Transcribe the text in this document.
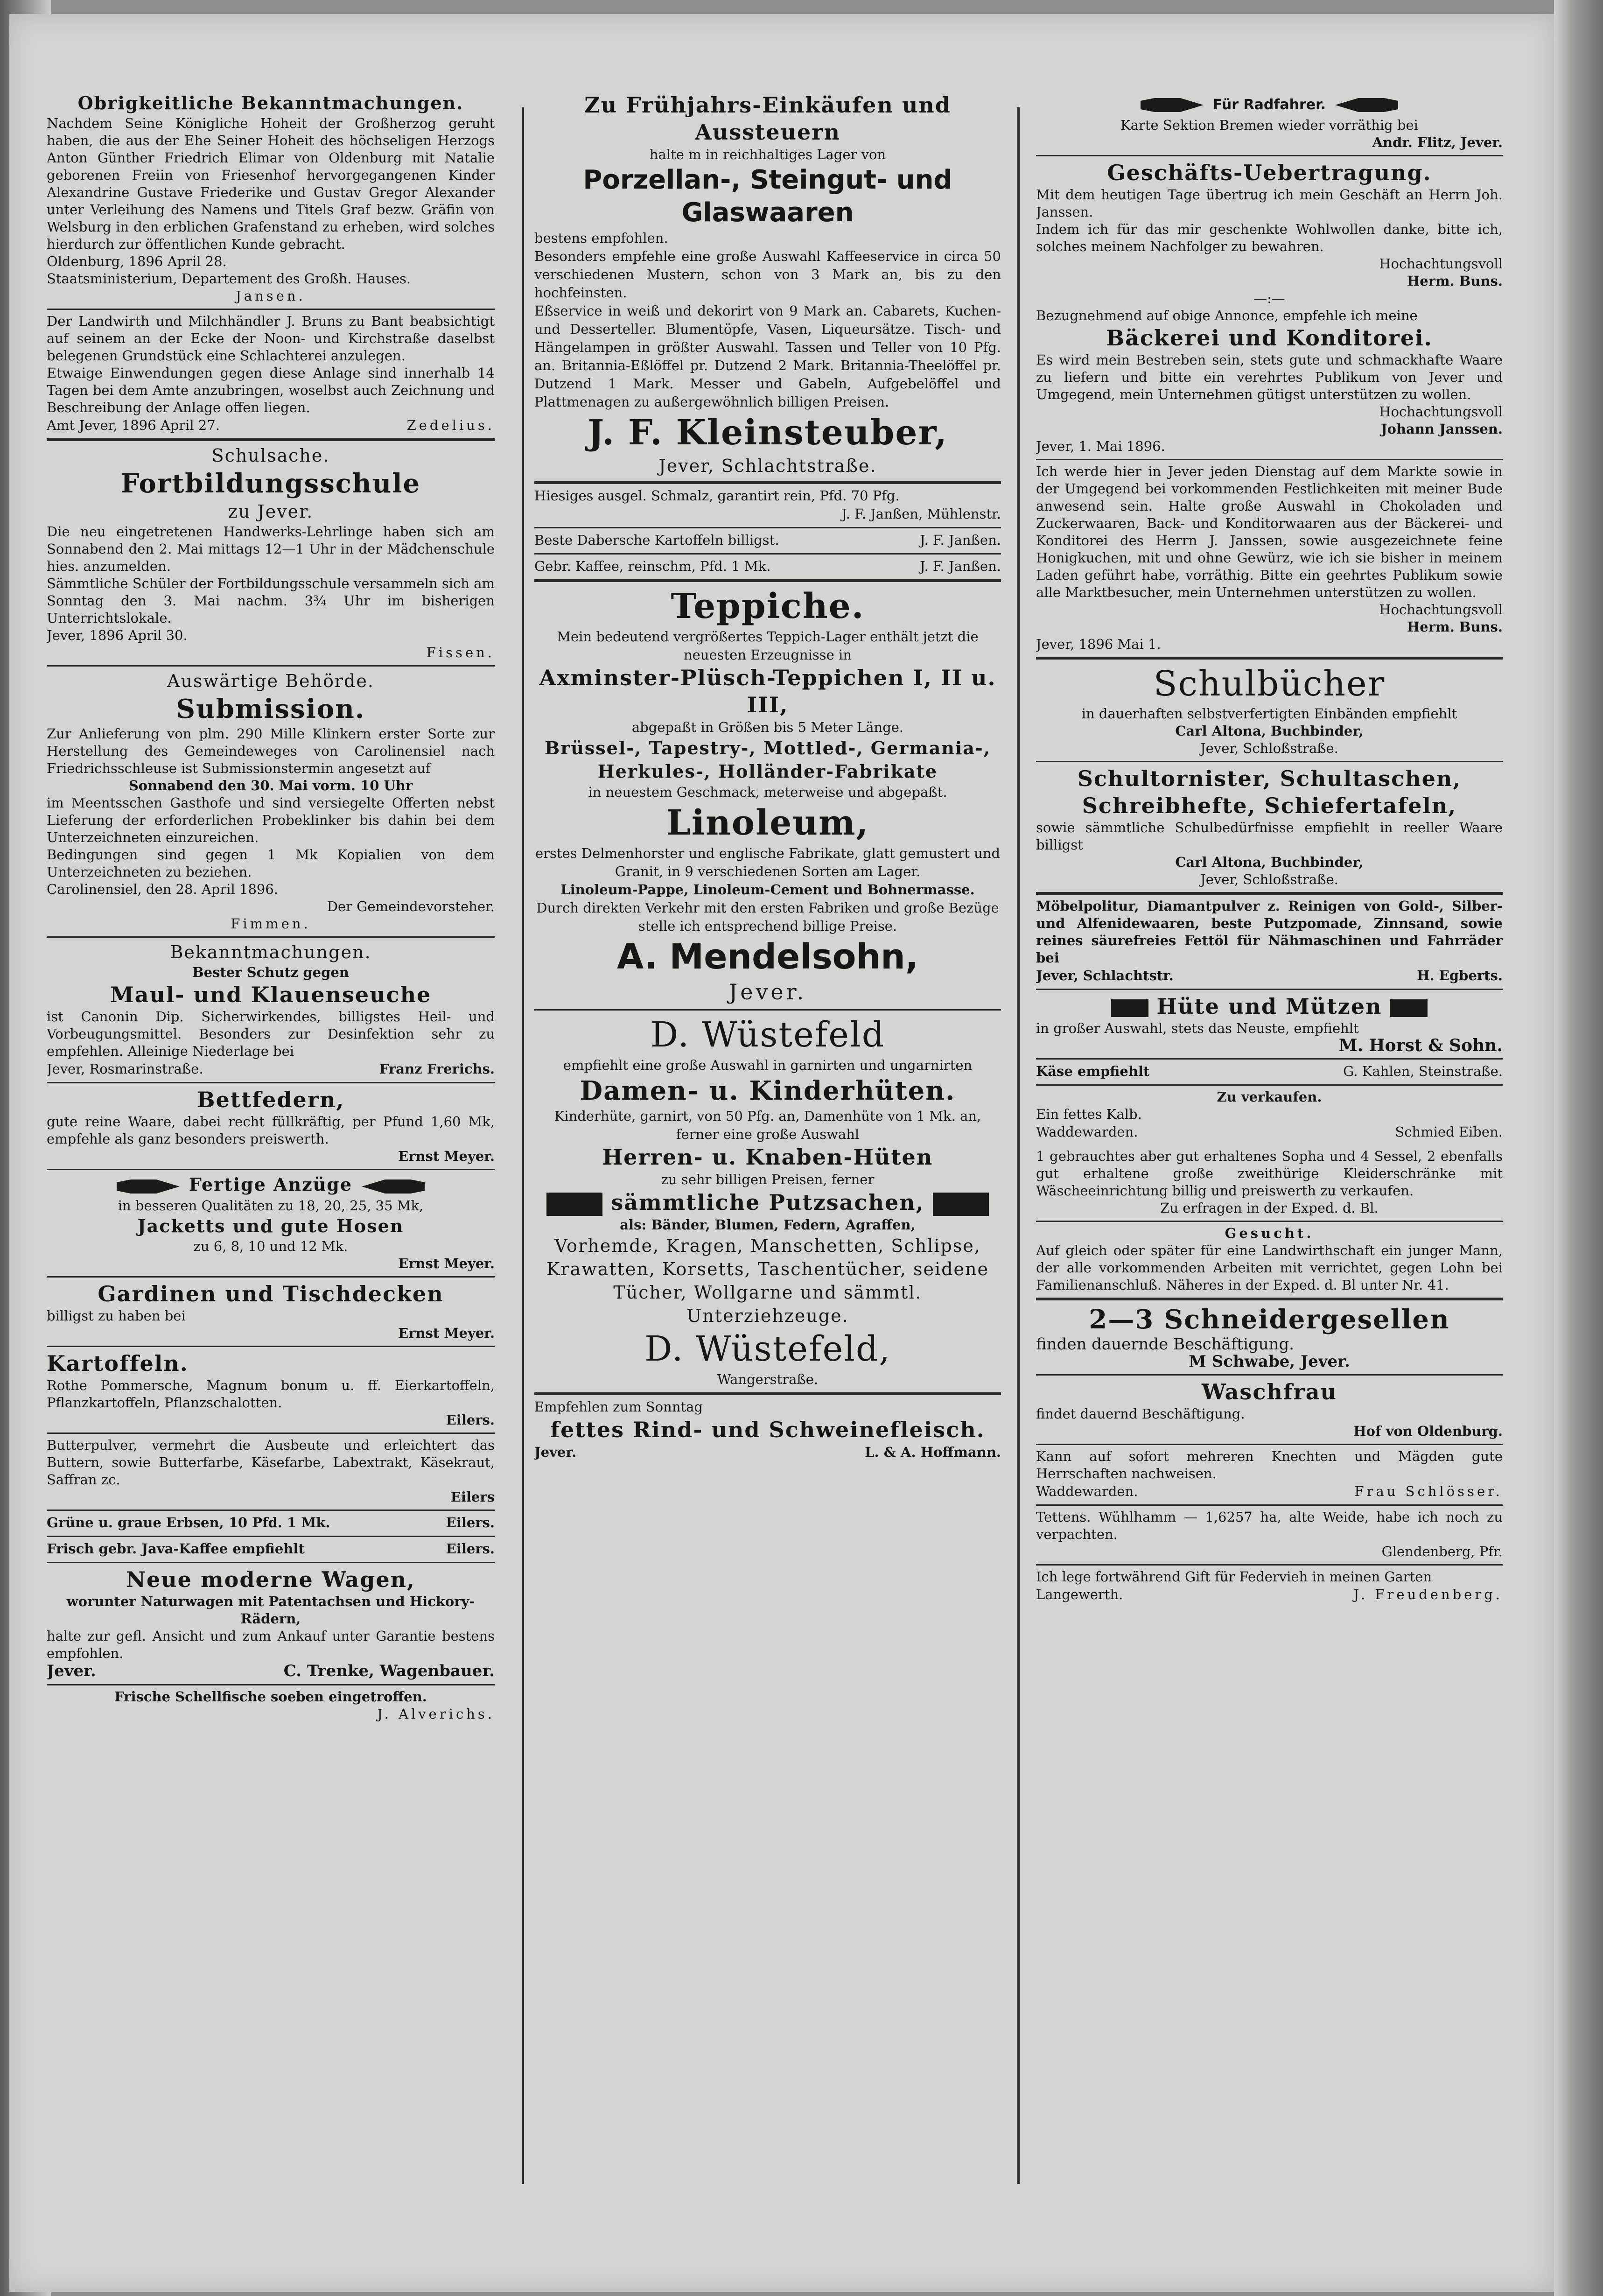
Obrigkeitliche Bekanntmachungen.
Nachdem Seine Königliche Hoheit der Großherzog geruht haben, die aus der Ehe Seiner Hoheit des höchseligen Herzogs Anton Günther Friedrich Elimar von Oldenburg mit Natalie geborenen Freiin von Friesenhof hervorgegangenen Kinder Alexandrine Gustave Friederike und Gustav Gregor Alexander unter Verleihung des Namens und Titels Graf bezw. Gräfin von Welsburg in den erblichen Grafenstand zu erheben, wird solches hierdurch zur öffentlichen Kunde gebracht.
Oldenburg, 1896 April 28.
Staatsministerium, Departement des Großh. Hauses.
Jansen.
Der Landwirth und Milchhändler J. Bruns zu Bant beabsichtigt auf seinem an der Ecke der Noon- und Kirchstraße daselbst belegenen Grundstück eine Schlachterei anzulegen.
Etwaige Einwendungen gegen diese Anlage sind innerhalb 14 Tagen bei dem Amte anzubringen, woselbst auch Zeichnung und Beschreibung der Anlage offen liegen.
Amt Jever, 1896 April 27.	Zedelius.
Schulsache.
Fortbildungsschule
zu Jever.
Die neu eingetretenen Handwerks-Lehrlinge haben sich am Sonnabend den 2. Mai mittags 12—1 Uhr in der Mädchenschule hies. anzumelden.
Sämmtliche Schüler der Fortbildungsschule versammeln sich am Sonntag den 3. Mai nachm. 3¾ Uhr im bisherigen Unterrichtslokale.
Jever, 1896 April 30.
Fissen.
Auswärtige Behörde.
Submission.
Zur Anlieferung von plm. 290 Mille Klinkern erster Sorte zur Herstellung des Gemeindeweges von Carolinensiel nach Friedrichsschleuse ist Submissionstermin angesetzt auf
Sonnabend den 30. Mai vorm. 10 Uhr
im Meentsschen Gasthofe und sind versiegelte Offerten nebst Lieferung der erforderlichen Probeklinker bis dahin bei dem Unterzeichneten einzureichen.
Bedingungen sind gegen 1 Mk Kopialien von dem Unterzeichneten zu beziehen.
Carolinensiel, den 28. April 1896.
Der Gemeindevorsteher.
Fimmen.
Bekanntmachungen.
Bester Schutz gegen
Maul- und Klauenseuche
ist Canonin Dip. Sicherwirkendes, billigstes Heil- und Vorbeugungsmittel. Besonders zur Desinfektion sehr zu empfehlen. Alleinige Niederlage bei
Jever, Rosmarinstraße.	Franz Frerichs.
Bettfedern,
gute reine Waare, dabei recht füllkräftig, per Pfund 1,60 Mk, empfehle als ganz besonders preiswerth.
Ernst Meyer.
Fertige Anzüge
in besseren Qualitäten zu 18, 20, 25, 35 Mk,
Jacketts und gute Hosen
zu 6, 8, 10 und 12 Mk.
Ernst Meyer.
Gardinen und Tischdecken
billigst zu haben bei
Ernst Meyer.
Kartoffeln.
Rothe Pommersche, Magnum bonum u. ff. Eierkartoffeln, Pflanzkartoffeln, Pflanzschalotten.
Eilers.
Butterpulver, vermehrt die Ausbeute und erleichtert das Buttern, sowie Butterfarbe, Käsefarbe, Labextrakt, Käsekraut, Saffran zc.
Eilers
Grüne u. graue Erbsen, 10 Pfd. 1 Mk.	Eilers.
Frisch gebr. Java-Kaffee empfiehlt	Eilers.
Neue moderne Wagen,
worunter Naturwagen mit Patentachsen und Hickory-Rädern,
halte zur gefl. Ansicht und zum Ankauf unter Garantie bestens empfohlen.
Jever.	C. Trenke, Wagenbauer.
Frische Schellfische soeben eingetroffen.
J. Alverichs.
Zu Frühjahrs-Einkäufen und Aussteuern
halte m in reichhaltiges Lager von
Porzellan-, Steingut- und Glaswaaren
bestens empfohlen.
Besonders empfehle eine große Auswahl Kaffeeservice in circa 50 verschiedenen Mustern, schon von 3 Mark an, bis zu den hochfeinsten.
Eßservice in weiß und dekorirt von 9 Mark an. Cabarets, Kuchen- und Desserteller. Blumentöpfe, Vasen, Liqueursätze. Tisch- und Hängelampen in größter Auswahl. Tassen und Teller von 10 Pfg. an. Britannia-Eßlöffel pr. Dutzend 2 Mark. Britannia-Theelöffel pr. Dutzend 1 Mark. Messer und Gabeln, Aufgebelöffel und Plattmenagen zu außergewöhnlich billigen Preisen.
J. F. Kleinsteuber,
Jever, Schlachtstraße.
Hiesiges ausgel. Schmalz, garantirt rein, Pfd. 70 Pfg.
J. F. Janßen, Mühlenstr.
Beste Dabersche Kartoffeln billigst.	J. F. Janßen.
Gebr. Kaffee, reinschm, Pfd. 1 Mk.	J. F. Janßen.
Teppiche.
Mein bedeutend vergrößertes Teppich-Lager enthält jetzt die neuesten Erzeugnisse in
Axminster-Plüsch-Teppichen I, II u. III,
abgepaßt in Größen bis 5 Meter Länge.
Brüssel-, Tapestry-, Mottled-, Germania-, Herkules-, Holländer-Fabrikate
in neuestem Geschmack, meterweise und abgepaßt.
Linoleum,
erstes Delmenhorster und englische Fabrikate, glatt gemustert und Granit, in 9 verschiedenen Sorten am Lager.
Linoleum-Pappe, Linoleum-Cement und Bohnermasse.
Durch direkten Verkehr mit den ersten Fabriken und große Bezüge stelle ich entsprechend billige Preise.
A. Mendelsohn,
Jever.
D. Wüstefeld
empfiehlt eine große Auswahl in garnirten und ungarnirten
Damen- u. Kinderhüten.
Kinderhüte, garnirt, von 50 Pfg. an, Damenhüte von 1 Mk. an, ferner eine große Auswahl
Herren- u. Knaben-Hüten
zu sehr billigen Preisen, ferner
sämmtliche Putzsachen,
als: Bänder, Blumen, Federn, Agraffen,
Vorhemde, Kragen, Manschetten, Schlipse, Krawatten, Korsetts, Taschentücher, seidene Tücher, Wollgarne und sämmtl. Unterziehzeuge.
D. Wüstefeld,
Wangerstraße.
Empfehlen zum Sonntag
fettes Rind- und Schweinefleisch.
Jever.	L. & A. Hoffmann.
Für Radfahrer.
Karte Sektion Bremen wieder vorräthig bei
Andr. Flitz, Jever.
Geschäfts-Uebertragung.
Mit dem heutigen Tage übertrug ich mein Geschäft an Herrn Joh. Janssen.
Indem ich für das mir geschenkte Wohlwollen danke, bitte ich, solches meinem Nachfolger zu bewahren.
Hochachtungsvoll
Herm. Buns.
—:—
Bezugnehmend auf obige Annonce, empfehle ich meine
Bäckerei und Konditorei.
Es wird mein Bestreben sein, stets gute und schmackhafte Waare zu liefern und bitte ein verehrtes Publikum von Jever und Umgegend, mein Unternehmen gütigst unterstützen zu wollen.
Hochachtungsvoll
Johann Janssen.
Jever, 1. Mai 1896.
Ich werde hier in Jever jeden Dienstag auf dem Markte sowie in der Umgegend bei vorkommenden Festlichkeiten mit meiner Bude anwesend sein. Halte große Auswahl in Chokoladen und Zuckerwaaren, Back- und Konditorwaaren aus der Bäckerei- und Konditorei des Herrn J. Janssen, sowie ausgezeichnete feine Honigkuchen, mit und ohne Gewürz, wie ich sie bisher in meinem Laden geführt habe, vorräthig. Bitte ein geehrtes Publikum sowie alle Marktbesucher, mein Unternehmen unterstützen zu wollen.
Hochachtungsvoll
Herm. Buns.
Jever, 1896 Mai 1.
Schulbücher
in dauerhaften selbstverfertigten Einbänden empfiehlt
Carl Altona, Buchbinder,
Jever, Schloßstraße.
Schultornister, Schultaschen, Schreibhefte, Schiefertafeln,
sowie sämmtliche Schulbedürfnisse empfiehlt in reeller Waare billigst
Carl Altona, Buchbinder,
Jever, Schloßstraße.
Möbelpolitur, Diamantpulver z. Reinigen von Gold-, Silber- und Alfenidewaaren, beste Putzpomade, Zinnsand, sowie reines säurefreies Fettöl für Nähmaschinen und Fahrräder bei
Jever, Schlachtstr.	H. Egberts.
Hüte und Mützen
in großer Auswahl, stets das Neuste, empfiehlt
M. Horst & Sohn.
Käse empfiehlt	G. Kahlen, Steinstraße.
Zu verkaufen.
Ein fettes Kalb.
Waddewarden.	Schmied Eiben.
1 gebrauchtes aber gut erhaltenes Sopha und 4 Sessel, 2 ebenfalls gut erhaltene große zweithürige Kleiderschränke mit Wäscheeinrichtung billig und preiswerth zu verkaufen.
Zu erfragen in der Exped. d. Bl.
Gesucht.
Auf gleich oder später für eine Landwirthschaft ein junger Mann, der alle vorkommenden Arbeiten mit verrichtet, gegen Lohn bei Familienanschluß. Näheres in der Exped. d. Bl unter Nr. 41.
2—3 Schneidergesellen
finden dauernde Beschäftigung.
M Schwabe, Jever.
Waschfrau
findet dauernd Beschäftigung.
Hof von Oldenburg.
Kann auf sofort mehreren Knechten und Mägden gute Herrschaften nachweisen.
Waddewarden.	Frau Schlösser.
Tettens. Wühlhamm — 1,6257 ha, alte Weide, habe ich noch zu verpachten.
Glendenberg, Pfr.
Ich lege fortwährend Gift für Federvieh in meinen Garten
Langewerth.	J. Freudenberg.
